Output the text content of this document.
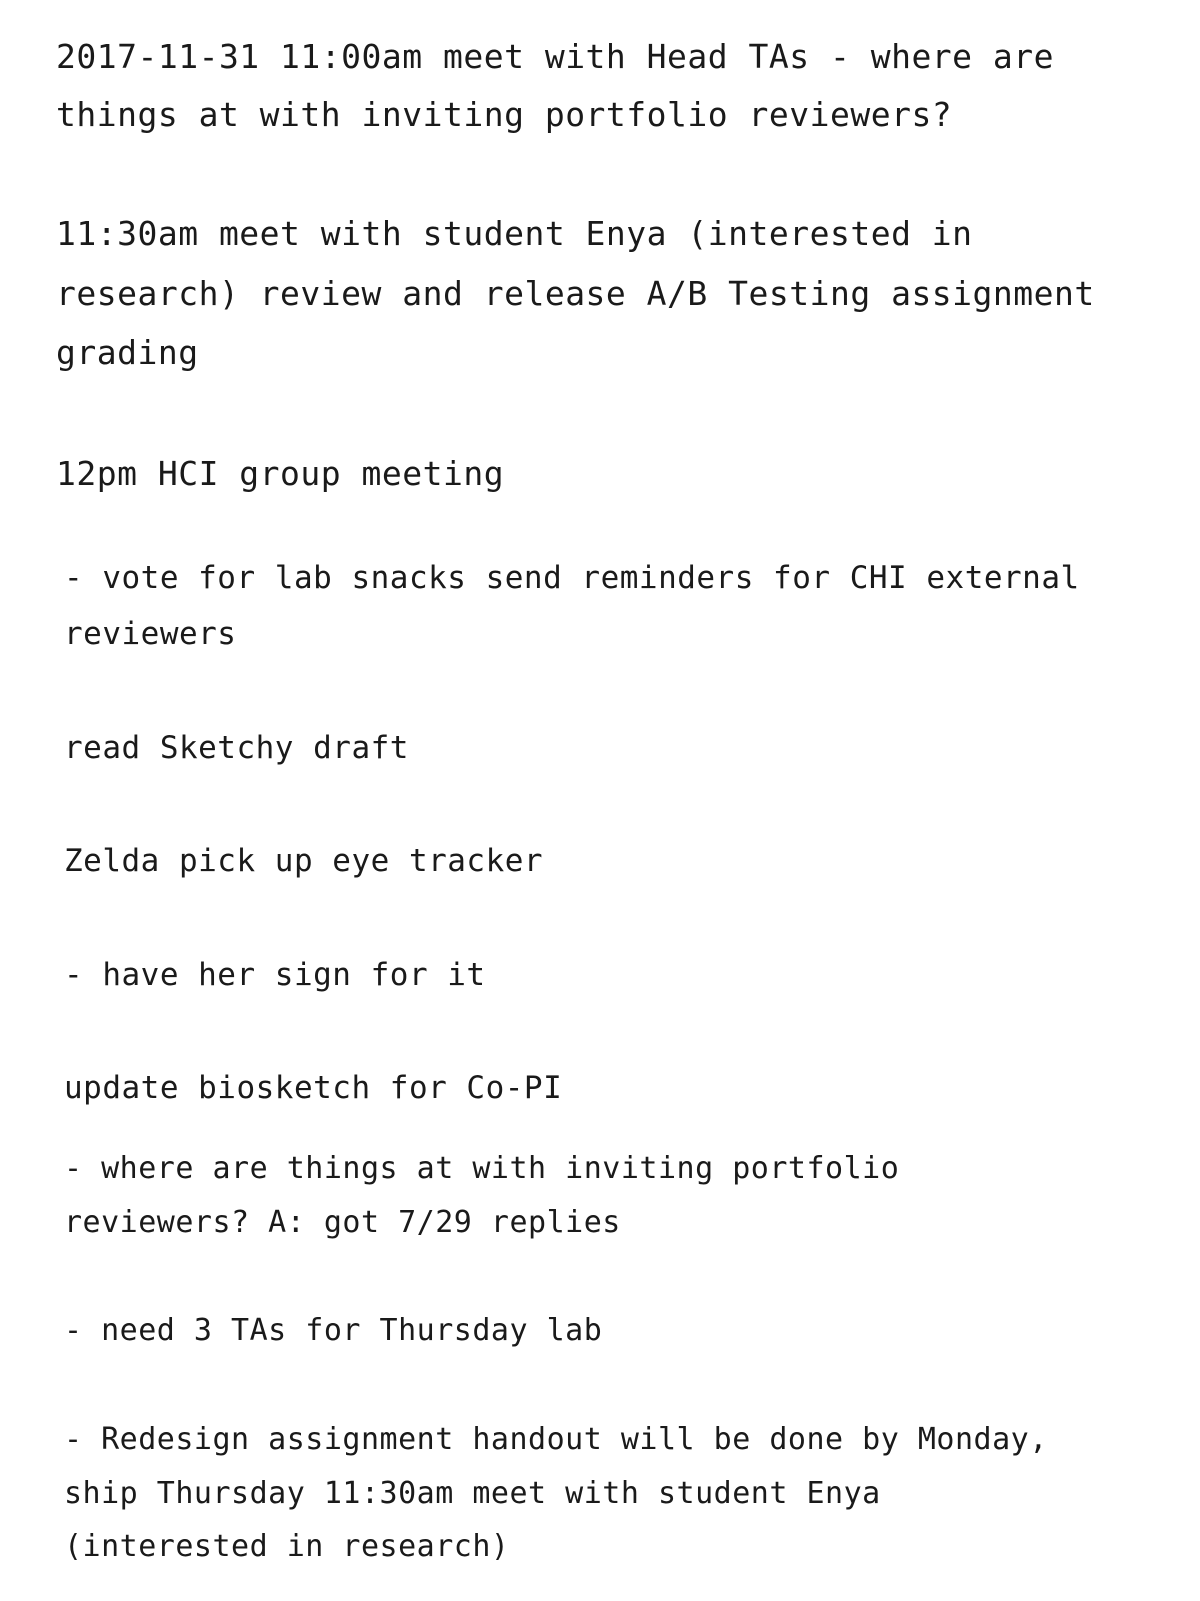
2017-11-31 11:00am meet with Head TAs - where are
things at with inviting portfolio reviewers?
11:30am meet with student Enya (interested in
research) review and release A/B Testing assignment
grading
12pm HCI group meeting
- vote for lab snacks send reminders for CHI external
reviewers
read Sketchy draft
Zelda pick up eye tracker
- have her sign for it
update biosketch for Co-PI
- where are things at with inviting portfolio
reviewers? A: got 7/29 replies
- need 3 TAs for Thursday lab
- Redesign assignment handout will be done by Monday,
ship Thursday 11:30am meet with student Enya
(interested in research)
